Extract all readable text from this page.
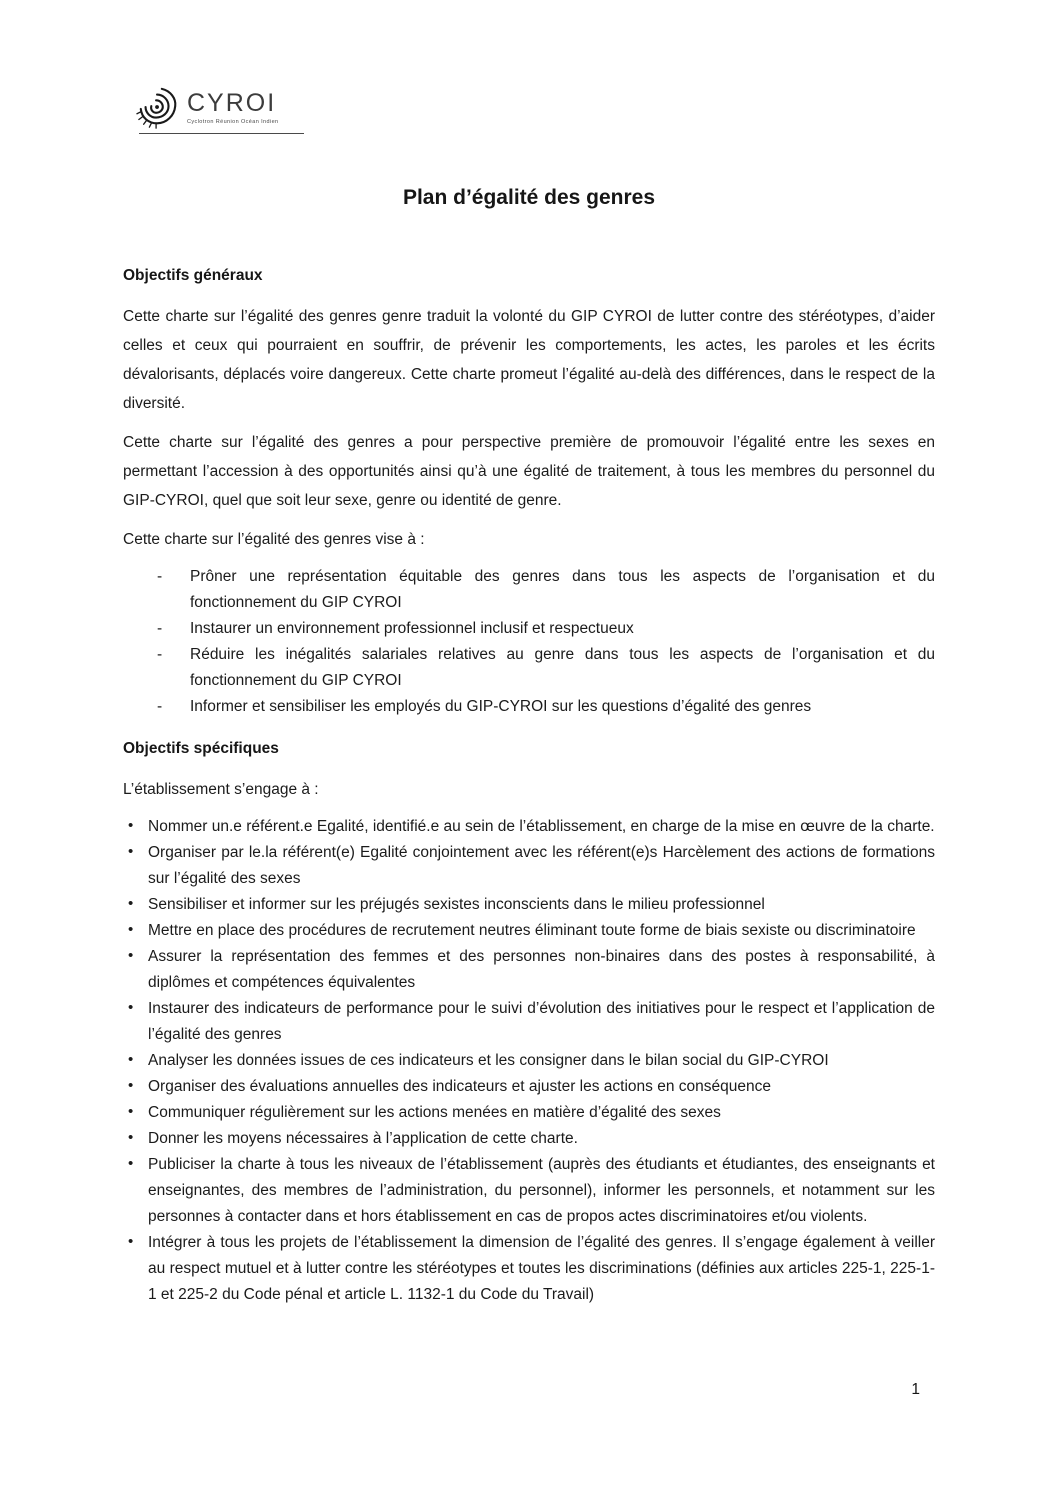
CYROI
Cyclotron Réunion Océan Indien
Plan d’égalité des genres
Objectifs généraux

Cette charte sur l’égalité des genres genre traduit la volonté du GIP CYROI de lutter contre des stéréotypes, d’aider celles et ceux qui pourraient en souffrir, de prévenir les comportements, les actes, les paroles et les écrits dévalorisants, déplacés voire dangereux. Cette charte promeut l’égalité au-delà des différences, dans le respect de la diversité.

Cette charte sur l’égalité des genres a pour perspective première de promouvoir l’égalité entre les sexes en permettant l’accession à des opportunités ainsi qu’à une égalité de traitement, à tous les membres du personnel du GIP-CYROI, quel que soit leur sexe, genre ou identité de genre.

Cette charte sur l’égalité des genres vise à :

- Prôner une représentation équitable des genres dans tous les aspects de l’organisation et du fonctionnement du GIP CYROI
- Instaurer un environnement professionnel inclusif et respectueux
- Réduire les inégalités salariales relatives au genre dans tous les aspects de l’organisation et du fonctionnement du GIP CYROI
- Informer et sensibiliser les employés du GIP-CYROI sur les questions d’égalité des genres
Objectifs spécifiques

L’établissement s’engage à :

• Nommer un.e référent.e Egalité, identifié.e au sein de l’établissement, en charge de la mise en œuvre de la charte.
• Organiser par le.la référent(e) Egalité conjointement avec les référent(e)s Harcèlement des actions de formations sur l’égalité des sexes
• Sensibiliser et informer sur les préjugés sexistes inconscients dans le milieu professionnel
• Mettre en place des procédures de recrutement neutres éliminant toute forme de biais sexiste ou discriminatoire
• Assurer la représentation des femmes et des personnes non-binaires dans des postes à responsabilité, à diplômes et compétences équivalentes
• Instaurer des indicateurs de performance pour le suivi d’évolution des initiatives pour le respect et l’application de l’égalité des genres
• Analyser les données issues de ces indicateurs et les consigner dans le bilan social du GIP-CYROI
• Organiser des évaluations annuelles des indicateurs et ajuster les actions en conséquence
• Communiquer régulièrement sur les actions menées en matière d’égalité des sexes
• Donner les moyens nécessaires à l’application de cette charte.
• Publiciser la charte à tous les niveaux de l’établissement (auprès des étudiants et étudiantes, des enseignants et enseignantes, des membres de l’administration, du personnel), informer les personnels, et notamment sur les personnes à contacter dans et hors établissement en cas de propos actes discriminatoires et/ou violents.
• Intégrer à tous les projets de l’établissement la dimension de l’égalité des genres. Il s’engage également à veiller au respect mutuel et à lutter contre les stéréotypes et toutes les discriminations (définies aux articles 225-1, 225-1-1 et 225-2 du Code pénal et article L. 1132-1 du Code du Travail)
1
